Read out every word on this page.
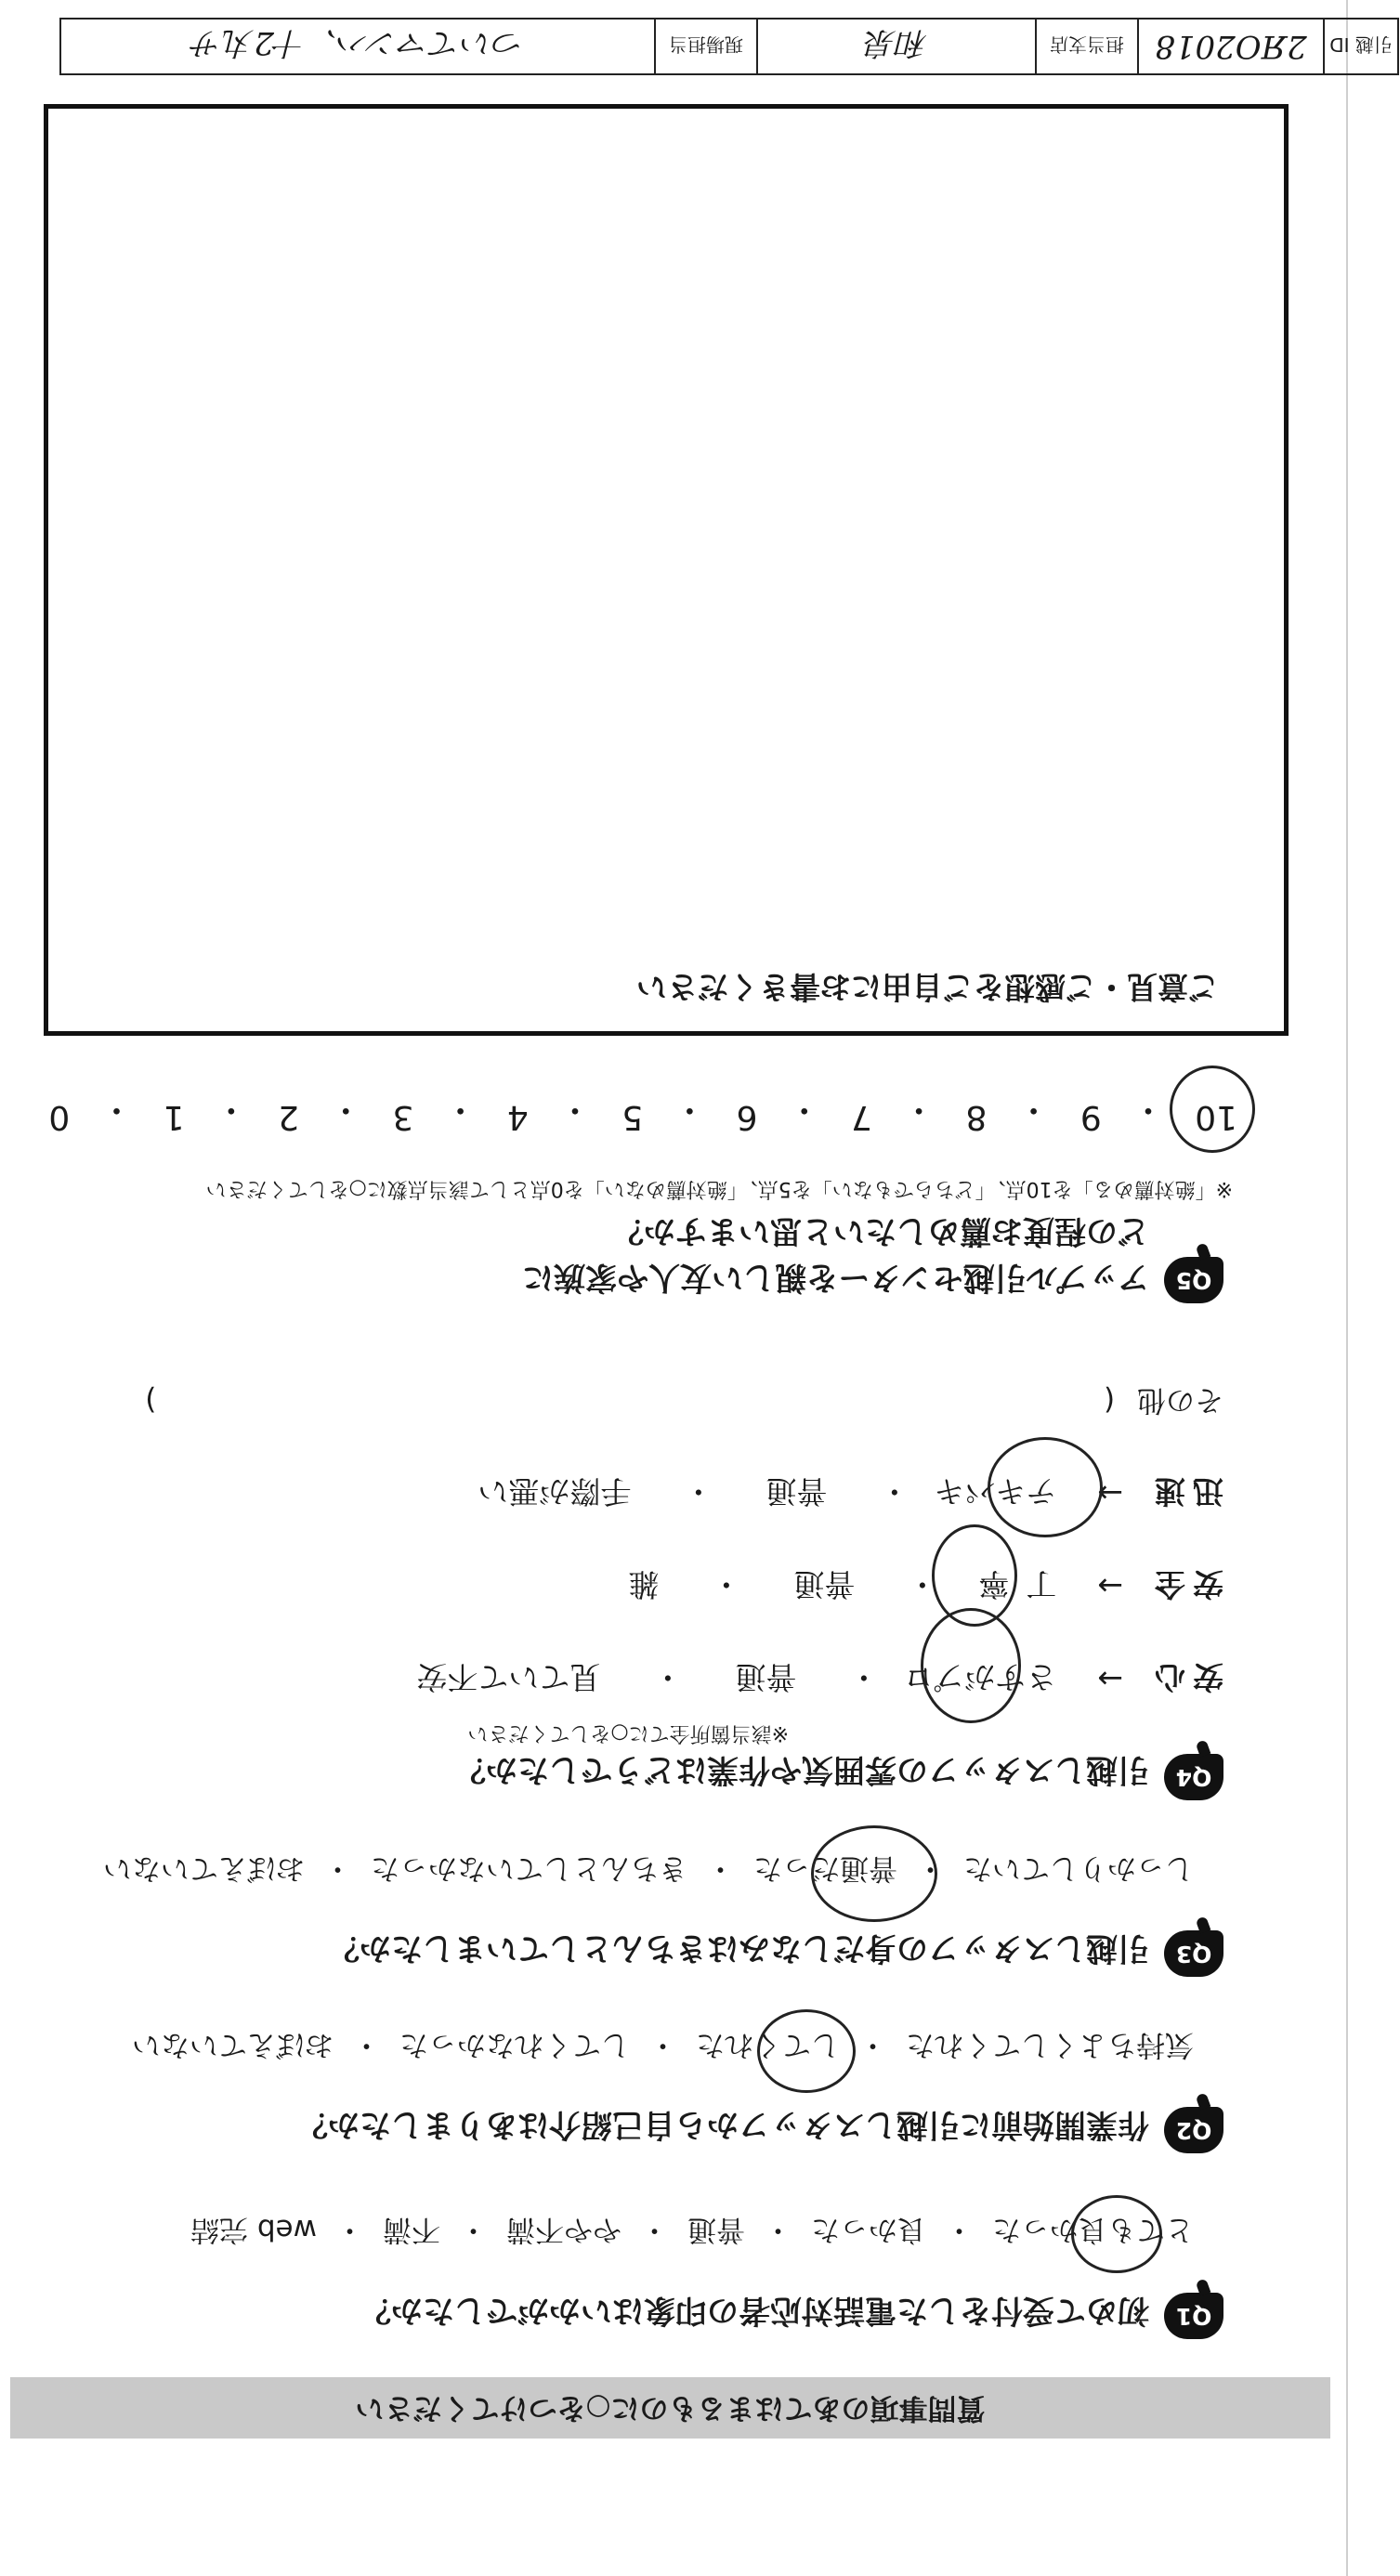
質問事項のあてはまるものに○をつけてください
Q1
初めて受付をした電話対応者の印象はいかがでしたか？
とても良かった
・
良かった
・
普通
・
やや不満
・
不満
・
web 完結
Q2
作業開始前に引越しスタッフから自己紹介はありましたか？
気持ちよくしてくれた
・
してくれた
・
してくれなかった
・
おぼえていない
Q3
引越しスタッフの身だしなみはきちんとしていましたか？
しっかりしていた
・
普通だった
・
きちんとしていなかった
・
おぼえていない
Q4
引越しスタッフの雰囲気や作業はどうでしたか？
※該当箇所全てに○をしてください
安心
→
さすがプロ
・
普通
・
見ていて不安
安全
→
丁寧
・
普通
・
雑
迅速
→
テキパキ
・
普通
・
手際が悪い
その他 (  )
Q5
アップル引越センターを親しい友人や家族に
どの程度お薦めしたいと思いますか？
※「絶対薦める」を10点、「どちらでもない」を5点、「絶対薦めない」を0点として該当点数に○をしてください
10
・
9
・
8
・
7
・
6
・
5
・
4
・
3
・
2
・
1
・
0
ご意見・ご感想をご自由にお書きください
引越 ID
2ЯО2018
担当支店
和泉
現場担当
ついてマンハ、十2丸サ
